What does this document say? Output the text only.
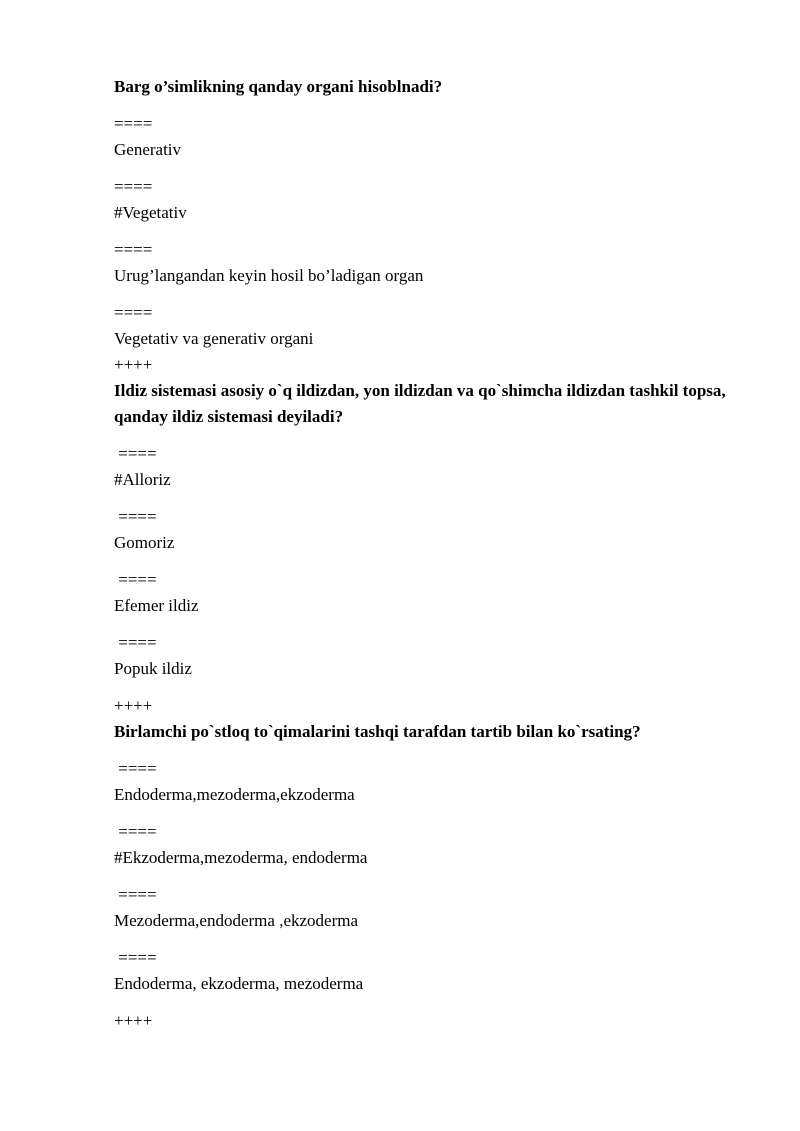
Barg o’simlikning qanday organi hisoblnadi?
====
Generativ
====
#Vegetativ
====
Urug’langandan keyin hosil bo’ladigan organ
====
Vegetativ va generativ organi
++++
Ildiz sistemasi asosiy o`q ildizdan, yon ildizdan va qo`shimcha ildizdan tashkil topsa, qanday ildiz sistemasi deyiladi?
====
#Alloriz
====
Gomoriz
====
Efemer ildiz
====
Popuk ildiz
++++
Birlamchi po`stloq to`qimalarini tashqi tarafdan tartib bilan ko`rsating?
====
Endoderma,mezoderma,ekzoderma
====
#Ekzoderma,mezoderma, endoderma
====
Mezoderma,endoderma ,ekzoderma
====
Endoderma, ekzoderma, mezoderma
++++
